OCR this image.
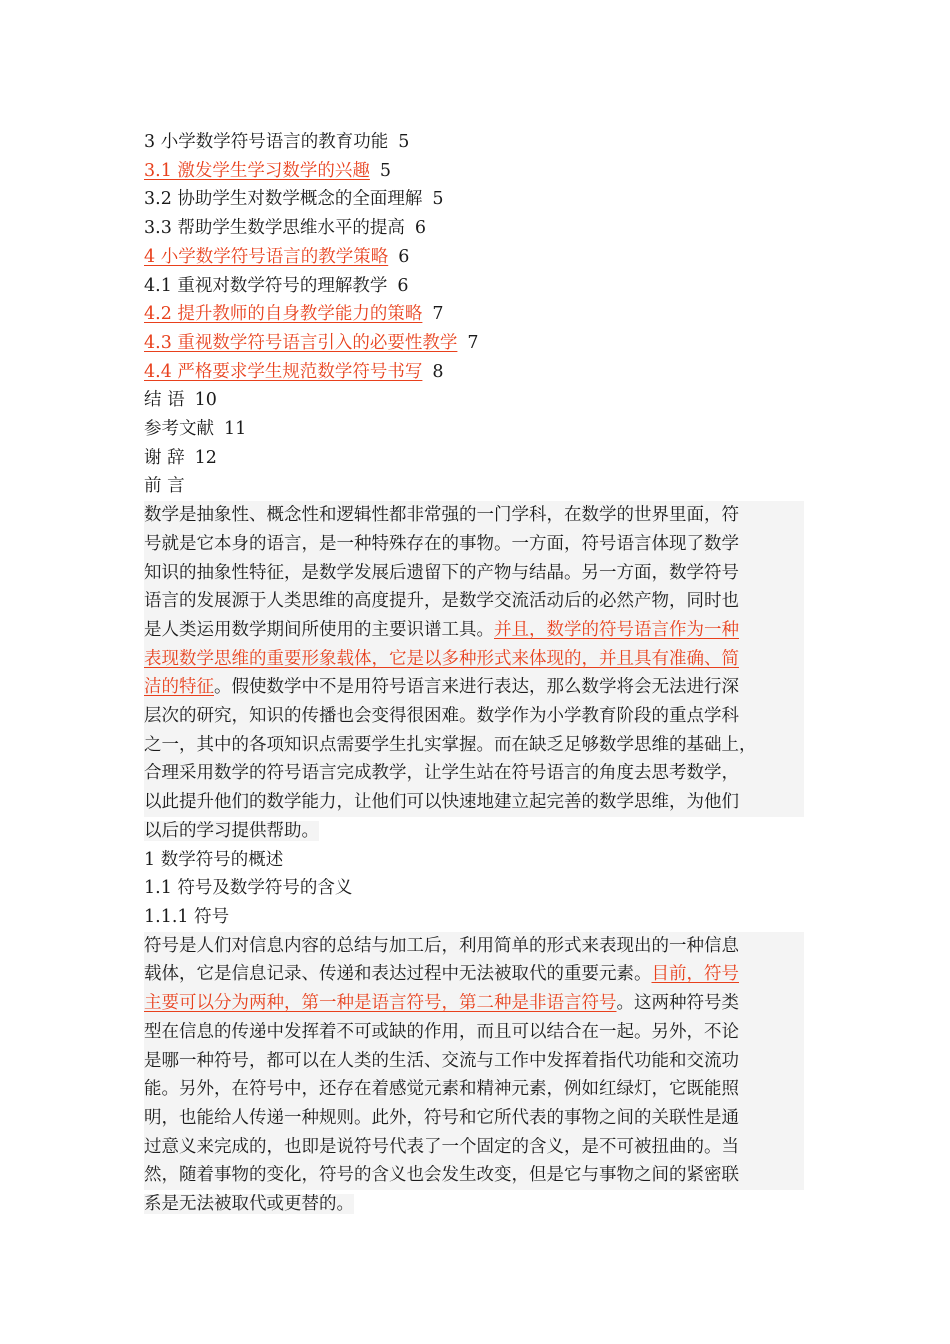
3 小学数学符号语言的教育功能 5
3.1 激发学生学习数学的兴趣 5
3.2 协助学生对数学概念的全面理解 5
3.3 帮助学生数学思维水平的提高 6
4 小学数学符号语言的教学策略 6
4.1 重视对数学符号的理解教学 6
4.2 提升教师的自身教学能力的策略 7
4.3 重视数学符号语言引入的必要性教学 7
4.4 严格要求学生规范数学符号书写 8
结 语 10
参考文献 11
谢 辞 12
前 言
数学是抽象性、概念性和逻辑性都非常强的一门学科，在数学的世界里面，符
号就是它本身的语言，是一种特殊存在的事物。一方面，符号语言体现了数学
知识的抽象性特征，是数学发展后遗留下的产物与结晶。另一方面，数学符号
语言的发展源于人类思维的高度提升，是数学交流活动后的必然产物，同时也
是人类运用数学期间所使用的主要识谱工具。并且，数学的符号语言作为一种
表现数学思维的重要形象载体，它是以多种形式来体现的，并且具有准确、简
洁的特征。假使数学中不是用符号语言来进行表达，那么数学将会无法进行深
层次的研究，知识的传播也会变得很困难。数学作为小学教育阶段的重点学科
之一，其中的各项知识点需要学生扎实掌握。而在缺乏足够数学思维的基础上，
合理采用数学的符号语言完成教学，让学生站在符号语言的角度去思考数学，
以此提升他们的数学能力，让他们可以快速地建立起完善的数学思维，为他们
以后的学习提供帮助。
1 数学符号的概述
1.1 符号及数学符号的含义
1.1.1 符号
符号是人们对信息内容的总结与加工后，利用简单的形式来表现出的一种信息
载体，它是信息记录、传递和表达过程中无法被取代的重要元素。目前，符号
主要可以分为两种，第一种是语言符号，第二种是非语言符号。这两种符号类
型在信息的传递中发挥着不可或缺的作用，而且可以结合在一起。另外，不论
是哪一种符号，都可以在人类的生活、交流与工作中发挥着指代功能和交流功
能。另外，在符号中，还存在着感觉元素和精神元素，例如红绿灯，它既能照
明，也能给人传递一种规则。此外，符号和它所代表的事物之间的关联性是通
过意义来完成的，也即是说符号代表了一个固定的含义，是不可被扭曲的。当
然，随着事物的变化，符号的含义也会发生改变，但是它与事物之间的紧密联
系是无法被取代或更替的。
